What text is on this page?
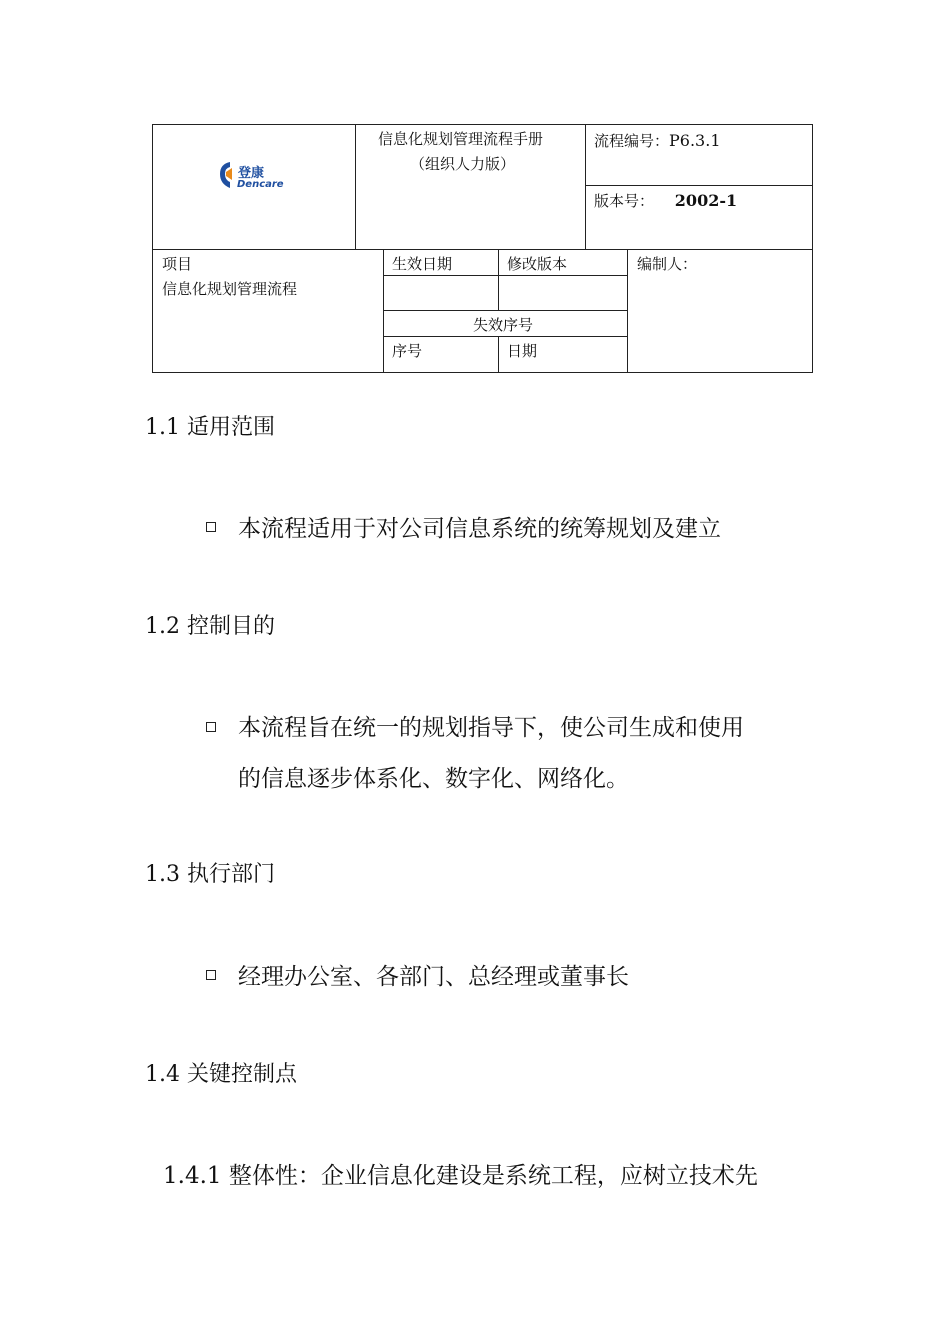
登康
Dencare
信息化规划管理流程手册
（组织人力版）
流程编号：P6.3.1
版本号： 2002-1
项目
信息化规划管理流程
生效日期	修改版本
失效序号
序号	日期
编制人：
1.1 适用范围
本流程适用于对公司信息系统的统筹规划及建立
1.2 控制目的
本流程旨在统一的规划指导下，使公司生成和使用
的信息逐步体系化、数字化、网络化。
1.3 执行部门
经理办公室、各部门、总经理或董事长
1.4 关键控制点
1.4.1 整体性：企业信息化建设是系统工程，应树立技术先
